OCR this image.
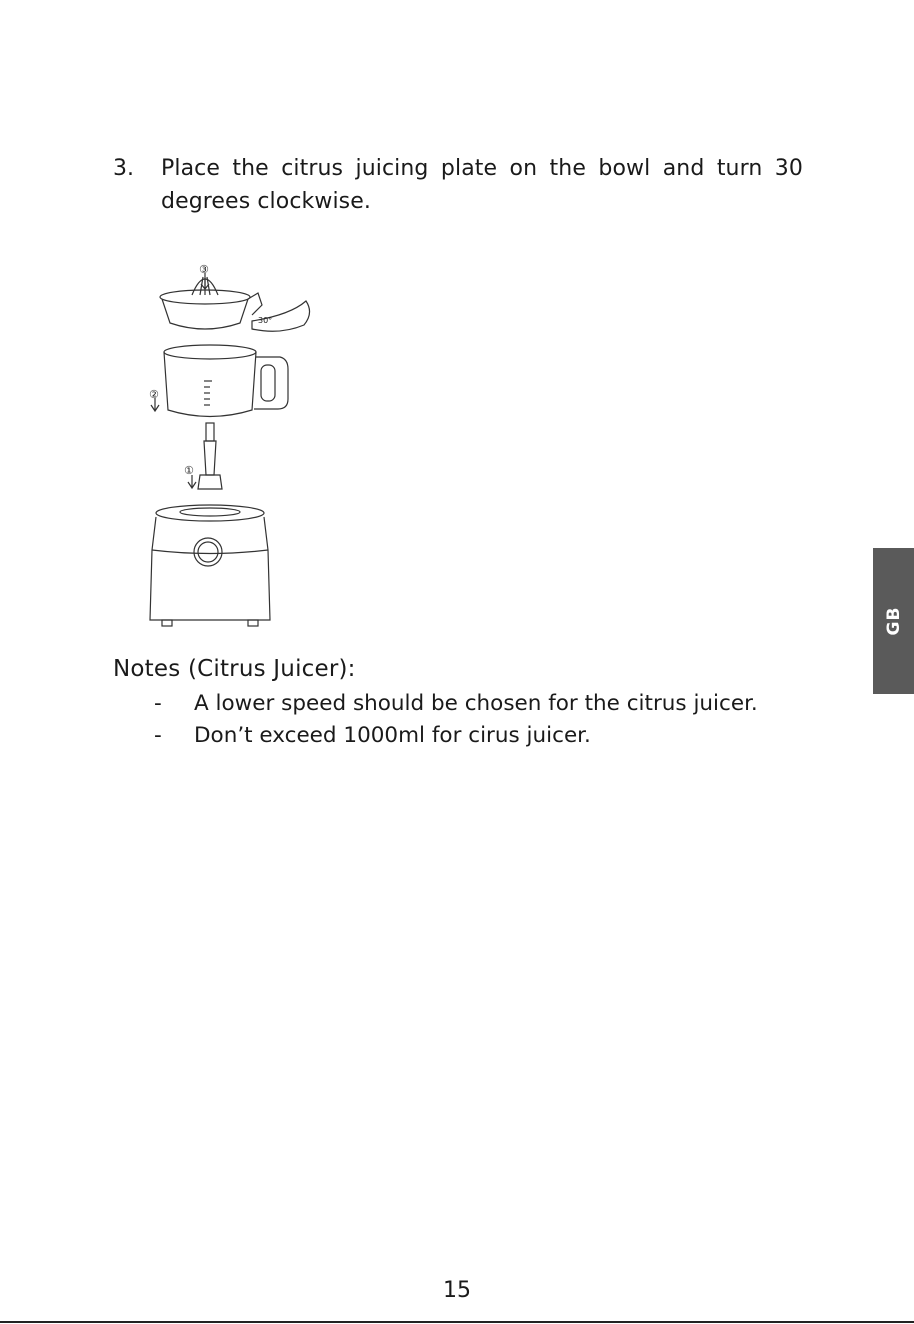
3. Place the citrus juicing plate on the bowl and turn 30 degrees clockwise.
③
②
①
30°
Notes (Citrus Juicer):
- A lower speed should be chosen for the citrus juicer.
- Don’t exceed 1000ml for cirus juicer.
GB
15
